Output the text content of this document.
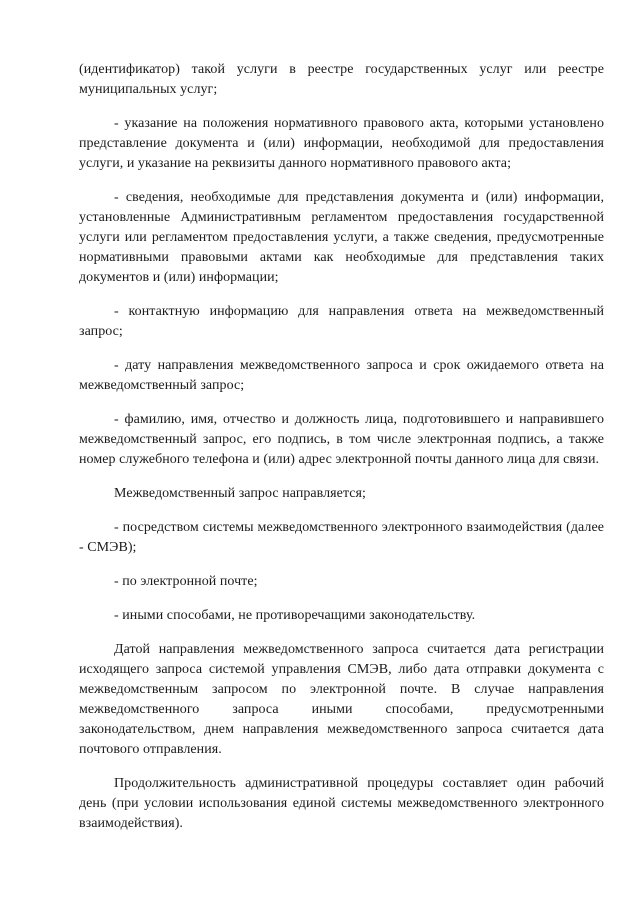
(идентификатор) такой услуги в реестре государственных услуг или реестре муниципальных услуг;

- указание на положения нормативного правового акта, которыми установлено представление документа и (или) информации, необходимой для предоставления услуги, и указание на реквизиты данного нормативного правового акта;

- сведения, необходимые для представления документа и (или) информации, установленные Административным регламентом предоставления государственной услуги или регламентом предоставления услуги, а также сведения, предусмотренные нормативными правовыми актами как необходимые для представления таких документов и (или) информации;

- контактную информацию для направления ответа на межведомственный запрос;

- дату направления межведомственного запроса и срок ожидаемого ответа на межведомственный запрос;

- фамилию, имя, отчество и должность лица, подготовившего и направившего межведомственный запрос, его подпись, в том числе электронная подпись, а также номер служебного телефона и (или) адрес электронной почты данного лица для связи.

Межведомственный запрос направляется;

- посредством системы межведомственного электронного взаимодействия (далее - СМЭВ);

- по электронной почте;

- иными способами, не противоречащими законодательству.

Датой направления межведомственного запроса считается дата регистрации исходящего запроса системой управления СМЭВ, либо дата отправки документа с межведомственным запросом по электронной почте. В случае направления межведомственного запроса иными способами, предусмотренными законодательством, днем направления межведомственного запроса считается дата почтового отправления.

Продолжительность административной процедуры составляет один рабочий день (при условии использования единой системы межведомственного электронного взаимодействия).
